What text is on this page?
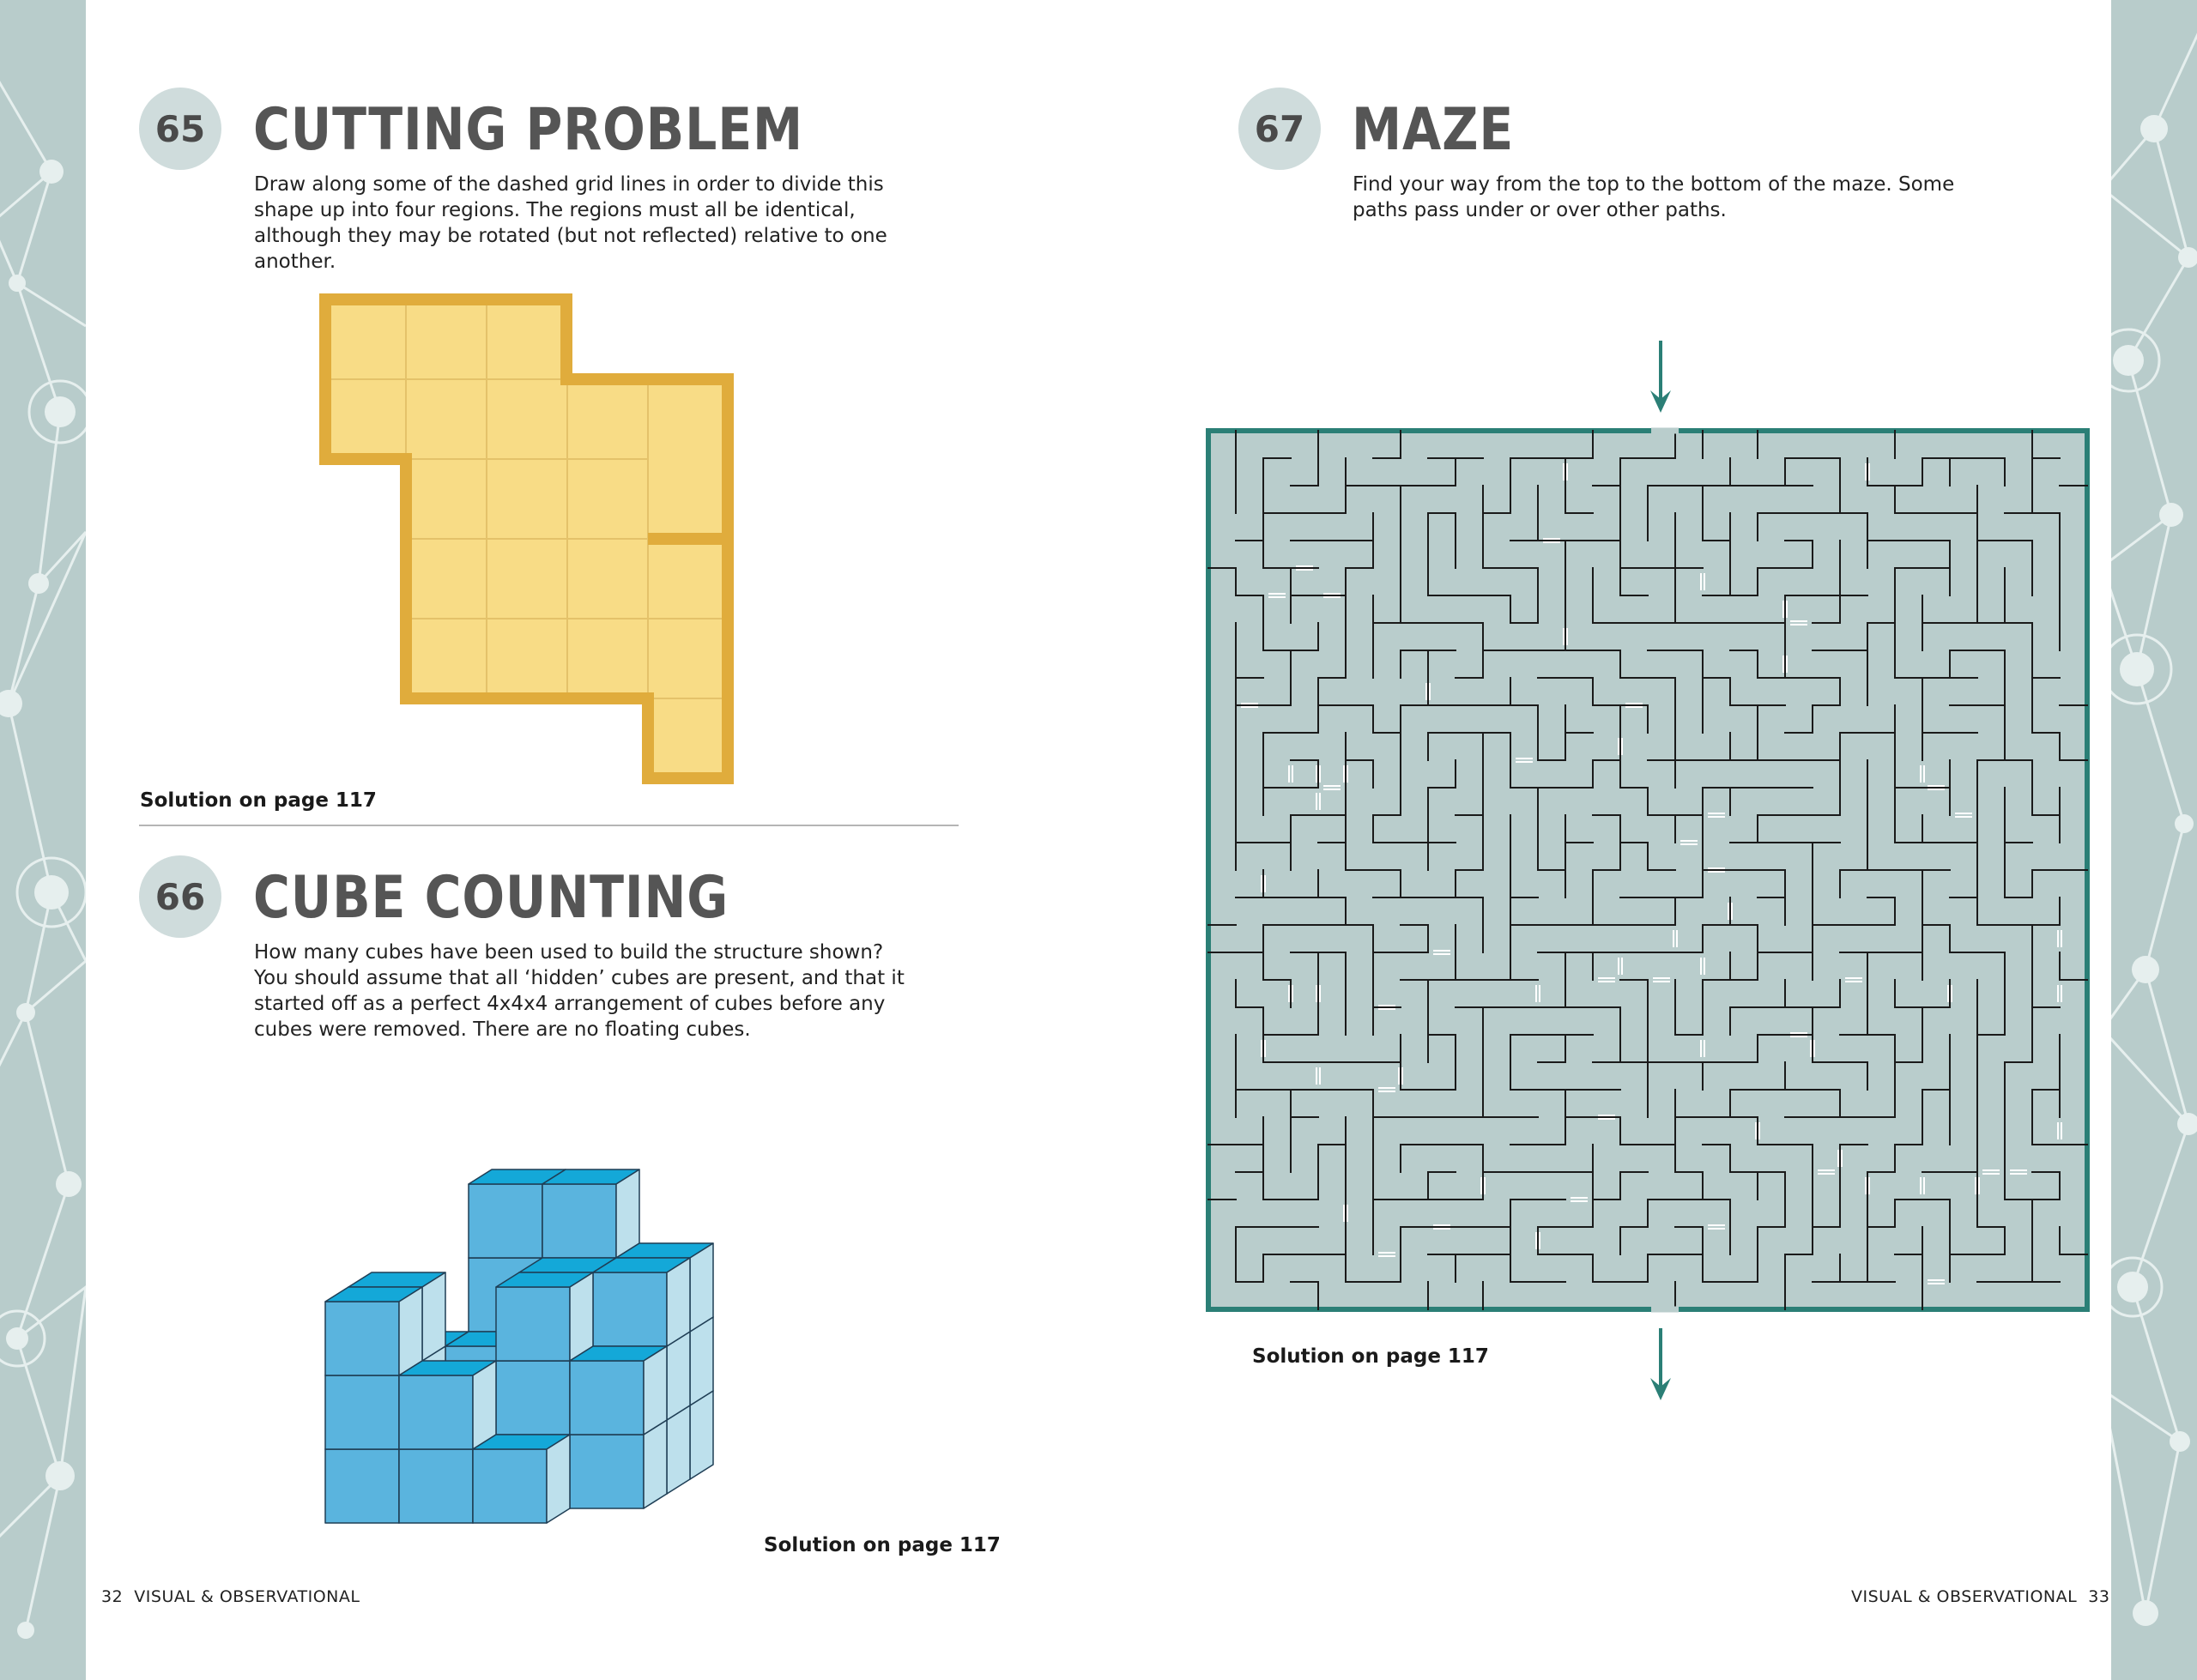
65 CUTTING PROBLEM

Draw along some of the dashed grid lines in order to divide this shape up into four regions. The regions must all be identical, although they may be rotated (but not reflected) relative to one another.

Solution on page 117
66 CUBE COUNTING

How many cubes have been used to build the structure shown? You should assume that all ‘hidden’ cubes are present, and that it started off as a perfect 4x4x4 arrangement of cubes before any cubes were removed. There are no floating cubes.

Solution on page 117
67 MAZE

Find your way from the top to the bottom of the maze. Some paths pass under or over other paths.

Solution on page 117
32 VISUAL & OBSERVATIONAL	VISUAL & OBSERVATIONAL 33
